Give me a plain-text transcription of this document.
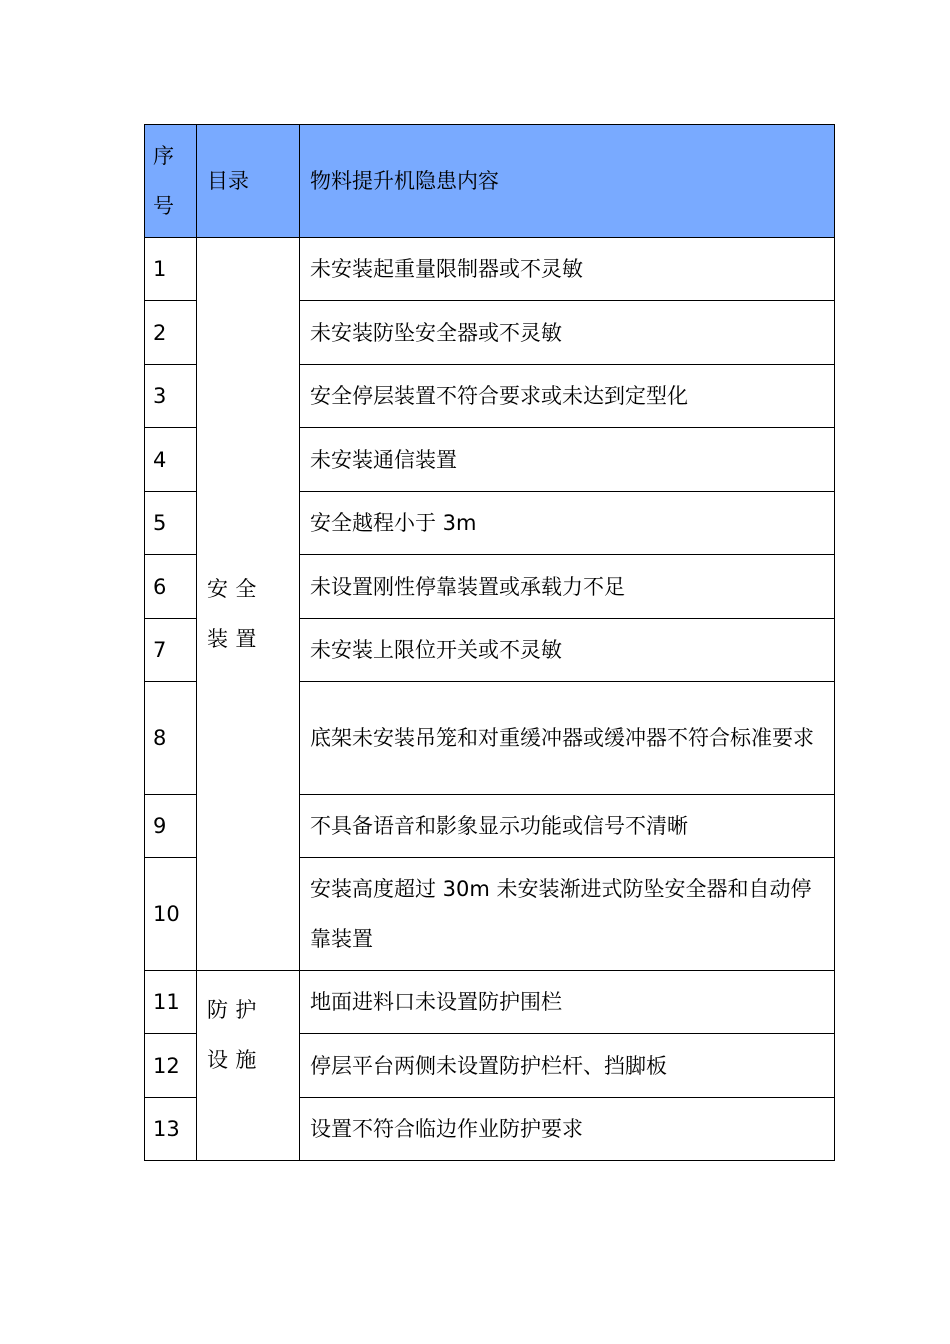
序号	目录	物料提升机隐患内容
1	安全装置	未安装起重量限制器或不灵敏
2		未安装防坠安全器或不灵敏
3		安全停层装置不符合要求或未达到定型化
4		未安装通信装置
5		安全越程小于 3m
6		未设置刚性停靠装置或承载力不足
7		未安装上限位开关或不灵敏
8		底架未安装吊笼和对重缓冲器或缓冲器不符合标准要求
9		不具备语音和影象显示功能或信号不清晰
10		安装高度超过 30m 未安装渐进式防坠安全器和自动停靠装置
11	防护设施	地面进料口未设置防护围栏
12		停层平台两侧未设置防护栏杆、挡脚板
13		设置不符合临边作业防护要求
